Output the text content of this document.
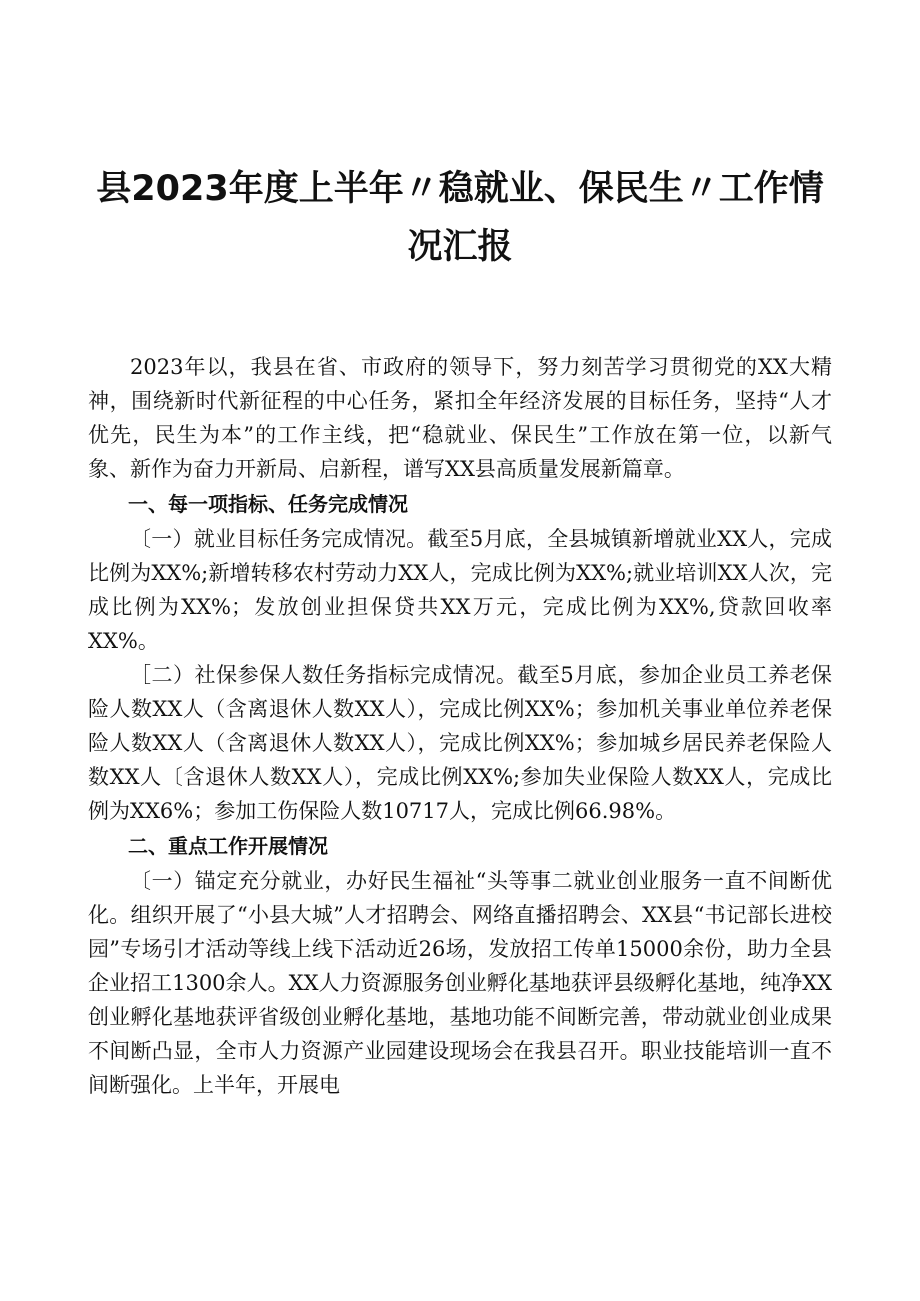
县2023年度上半年〃稳就业、保民生〃工作情况汇报

2023年以，我县在省、市政府的领导下，努力刻苦学习贯彻党的XX大精神，围绕新时代新征程的中心任务，紧扣全年经济发展的目标任务，坚持“人才优先，民生为本”的工作主线，把“稳就业、保民生”工作放在第一位，以新气象、新作为奋力开新局、启新程，谱写XX县高质量发展新篇章。

一、每一项指标、任务完成情况

〔一）就业目标任务完成情况。截至5月底，全县城镇新增就业XX人，完成比例为XX%;新增转移农村劳动力XX人，完成比例为XX%;就业培训XX人次，完成比例为XX%；发放创业担保贷共XX万元，完成比例为XX%,贷款回收率XX%。

［二）社保参保人数任务指标完成情况。截至5月底，参加企业员工养老保险人数XX人（含离退休人数XX人），完成比例XX%；参加机关事业单位养老保险人数XX人（含离退休人数XX人），完成比例XX%；参加城乡居民养老保险人数XX人〔含退休人数XX人），完成比例XX%;参加失业保险人数XX人，完成比例为XX6%；参加工伤保险人数10717人，完成比例66.98%。

二、重点工作开展情况

〔一）锚定充分就业，办好民生福祉“头等事二就业创业服务一直不间断优化。组织开展了“小县大城”人才招聘会、网络直播招聘会、XX县“书记部长进校园”专场引才活动等线上线下活动近26场，发放招工传单15000余份，助力全县企业招工1300余人。XX人力资源服务创业孵化基地获评县级孵化基地，纯净XX创业孵化基地获评省级创业孵化基地，基地功能不间断完善，带动就业创业成果不间断凸显，全市人力资源产业园建设现场会在我县召开。职业技能培训一直不间断强化。上半年，开展电
